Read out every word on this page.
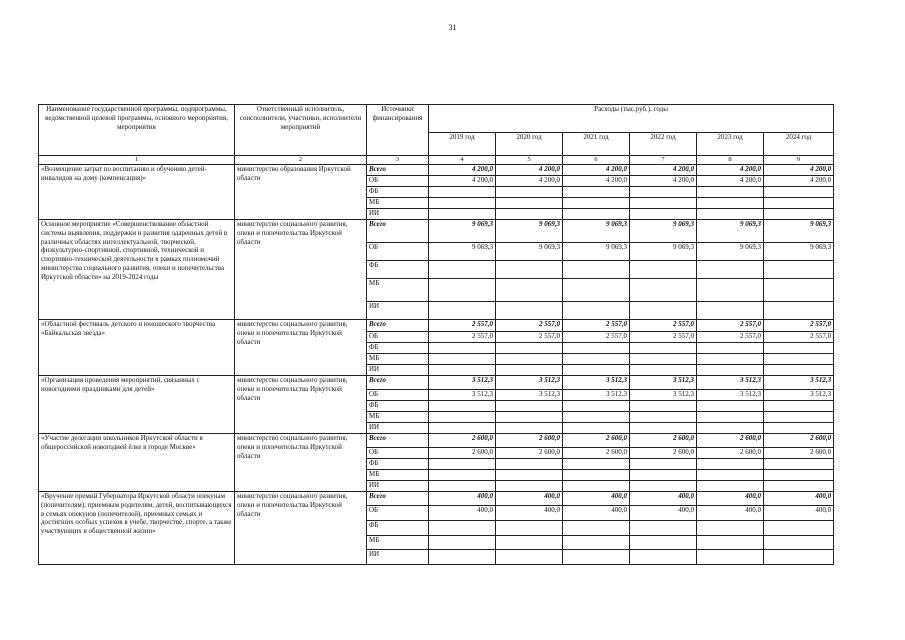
31
Наименование государственной программы, подпрограммы, ведомственной целевой программы, основного мероприятия, мероприятия	Ответственный исполнитель, соисполнители, участники, исполнители мероприятий	Источники финансирования	Расходы (тыс.руб.), годы					
			2019 год	2020 год	2021 год	2022 год	2023 год	2024 год
1	2	3	4	5	6	7	8	9
«Возмещение затрат по воспитанию и обучению детей-инвалидов на дому (компенсация)»	министерство образования Иркутской области	Всего	4 200,0	4 200,0	4 200,0	4 200,0	4 200,0	4 200,0
		ОБ	4 200,0	4 200,0	4 200,0	4 200,0	4 200,0	4 200,0
		ФБ						
		МБ						
		ИИ						
Основное мероприятие «Совершенствование областной системы выявления, поддержки и развития одаренных детей в различных областях интеллектуальной, творческой, физкультурно-спортивной, спортивной, технической и спортивно-технической деятельности в рамках полномочий министерства социального развития, опеки и попечительства Иркутской области» на 2019-2024 годы	министерство социального развития, опеки и попечительства Иркутской области	Всего	9 069,3	9 069,3	9 069,3	9 069,3	9 069,3	9 069,3
		ОБ	9 069,3	9 069,3	9 069,3	9 069,3	9 069,3	9 069,3
		ФБ						
		МБ						
		ИИ						
«Областной фестиваль детского и юношеского творчества «Байкальская звезда»	министерство социального развития, опеки и попечительства Иркутской области	Всего	2 557,0	2 557,0	2 557,0	2 557,0	2 557,0	2 557,0
		ОБ	2 557,0	2 557,0	2 557,0	2 557,0	2 557,0	2 557,0
		ФБ						
		МБ						
		ИИ						
«Организация проведения мероприятий, связанных с новогодними праздниками для детей»	министерство социального развития, опеки и попечительства Иркутской области	Всего	3 512,3	3 512,3	3 512,3	3 512,3	3 512,3	3 512,3
		ОБ	3 512,3	3 512,3	3 512,3	3 512,3	3 512,3	3 512,3
		ФБ						
		МБ						
		ИИ						
«Участие делегации школьников Иркутской области в общероссийской новогодней ёлке в городе Москве»	министерство социального развития, опеки и попечительства Иркутской области	Всего	2 600,0	2 600,0	2 600,0	2 600,0	2 600,0	2 600,0
		ОБ	2 600,0	2 600,0	2 600,0	2 600,0	2 600,0	2 600,0
		ФБ						
		МБ						
		ИИ						
«Вручение премий Губернатора Иркутской области опекунам (попечителям), приемным родителям, детей, воспитывающихся в семьях опекунов (попечителей), приемных семьях и достигших особых успехов в учебе, творчестве, спорте, а также участвующих в общественной жизни»	министерство социального развития, опеки и попечительства Иркутской области	Всего	400,0	400,0	400,0	400,0	400,0	400,0
		ОБ	400,0	400,0	400,0	400,0	400,0	400,0
		ФБ						
		МБ						
		ИИ						
